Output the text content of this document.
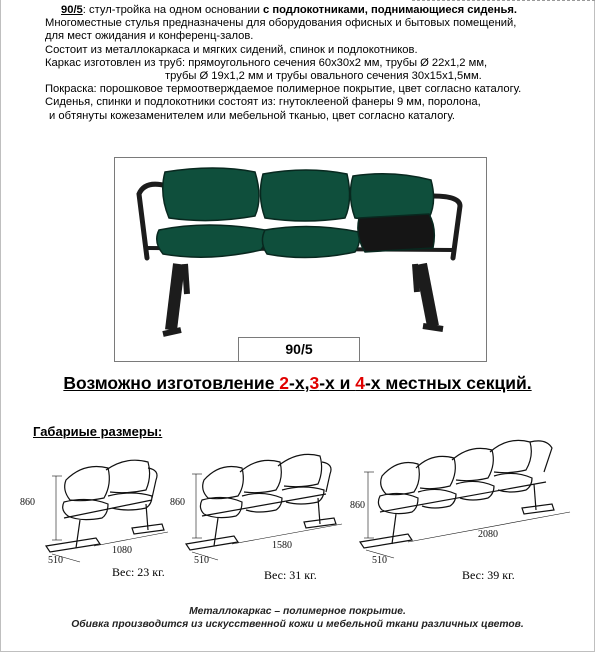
90/5: стул-тройка на одном основании с подлокотниками, поднимающиеся сиденья.
Многоместные стулья предназначены для оборудования офисных и бытовых помещений,
для мест ожидания и конференц-залов.
Состоит из металлокаркаса и мягких сидений, спинок и подлокотников.
Каркас изготовлен из труб: прямоугольного сечения 60х30х2 мм, трубы Ø 22х1,2 мм,
трубы Ø 19х1,2 мм и трубы овального сечения 30х15х1,5мм.
Покраска: порошковое термоотверждаемое полимерное покрытие, цвет согласно каталогу.
Сиденья, спинки и подлокотники состоят из: гнутоклееной фанеры 9 мм, поролона,
и обтянуты кожезаменителем или мебельной тканью, цвет согласно каталогу.
90/5
Возможно изготовление 2-х,3-х и 4-х местных секций.
Габариые размеры:
860
510
1080
Вес: 23 кг.
860
510
1580
Вес: 31 кг.
860
510
2080
Вес: 39 кг.
Металлокаркас – полимерное покрытие.
Обивка производится из искусственной кожи и мебельной ткани различных цветов.
